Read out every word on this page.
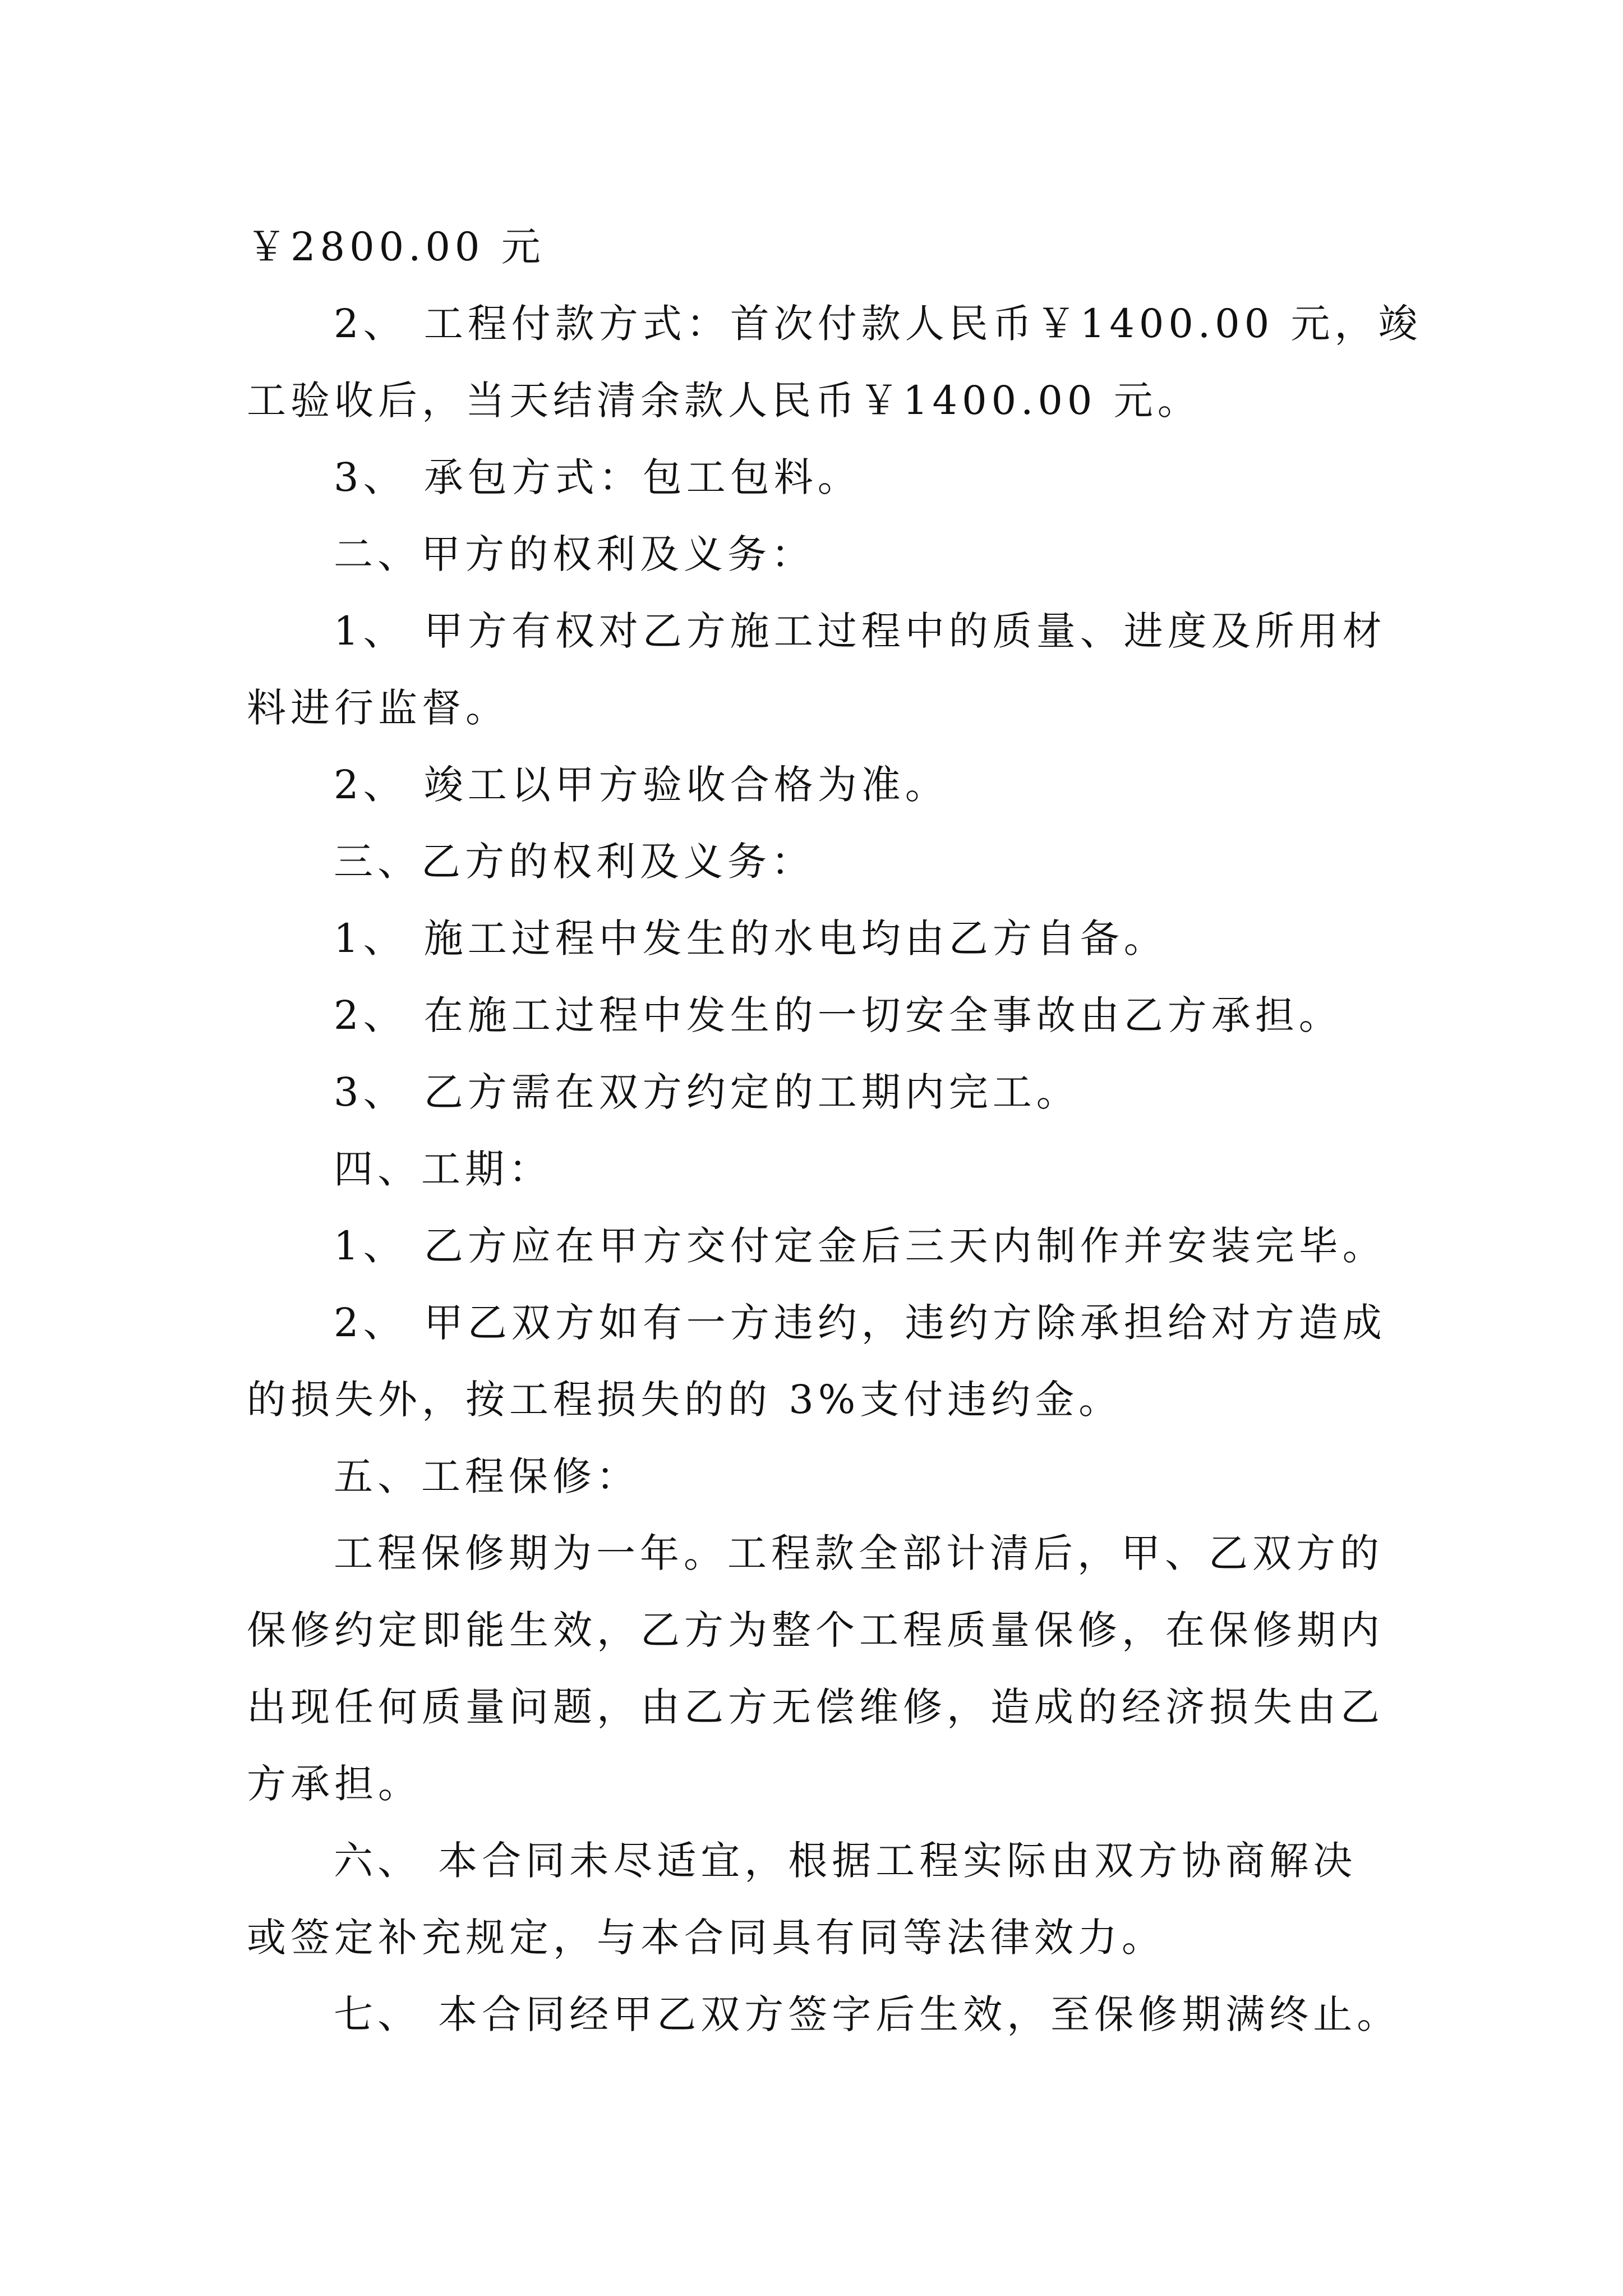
￥2800.00 元
2、 工程付款方式：首次付款人民币￥1400.00 元，竣
工验收后，当天结清余款人民币￥1400.00 元。
3、 承包方式：包工包料。
二、甲方的权利及义务：
1、 甲方有权对乙方施工过程中的质量、进度及所用材
料进行监督。
2、 竣工以甲方验收合格为准。
三、乙方的权利及义务：
1、 施工过程中发生的水电均由乙方自备。
2、 在施工过程中发生的一切安全事故由乙方承担。
3、 乙方需在双方约定的工期内完工。
四、工期：
1、 乙方应在甲方交付定金后三天内制作并安装完毕。
2、 甲乙双方如有一方违约，违约方除承担给对方造成
的损失外，按工程损失的的 3%支付违约金。
五、工程保修：
工程保修期为一年。工程款全部计清后，甲、乙双方的
保修约定即能生效，乙方为整个工程质量保修，在保修期内
出现任何质量问题，由乙方无偿维修，造成的经济损失由乙
方承担。
六、 本合同未尽适宜，根据工程实际由双方协商解决
或签定补充规定，与本合同具有同等法律效力。
七、 本合同经甲乙双方签字后生效，至保修期满终止。
